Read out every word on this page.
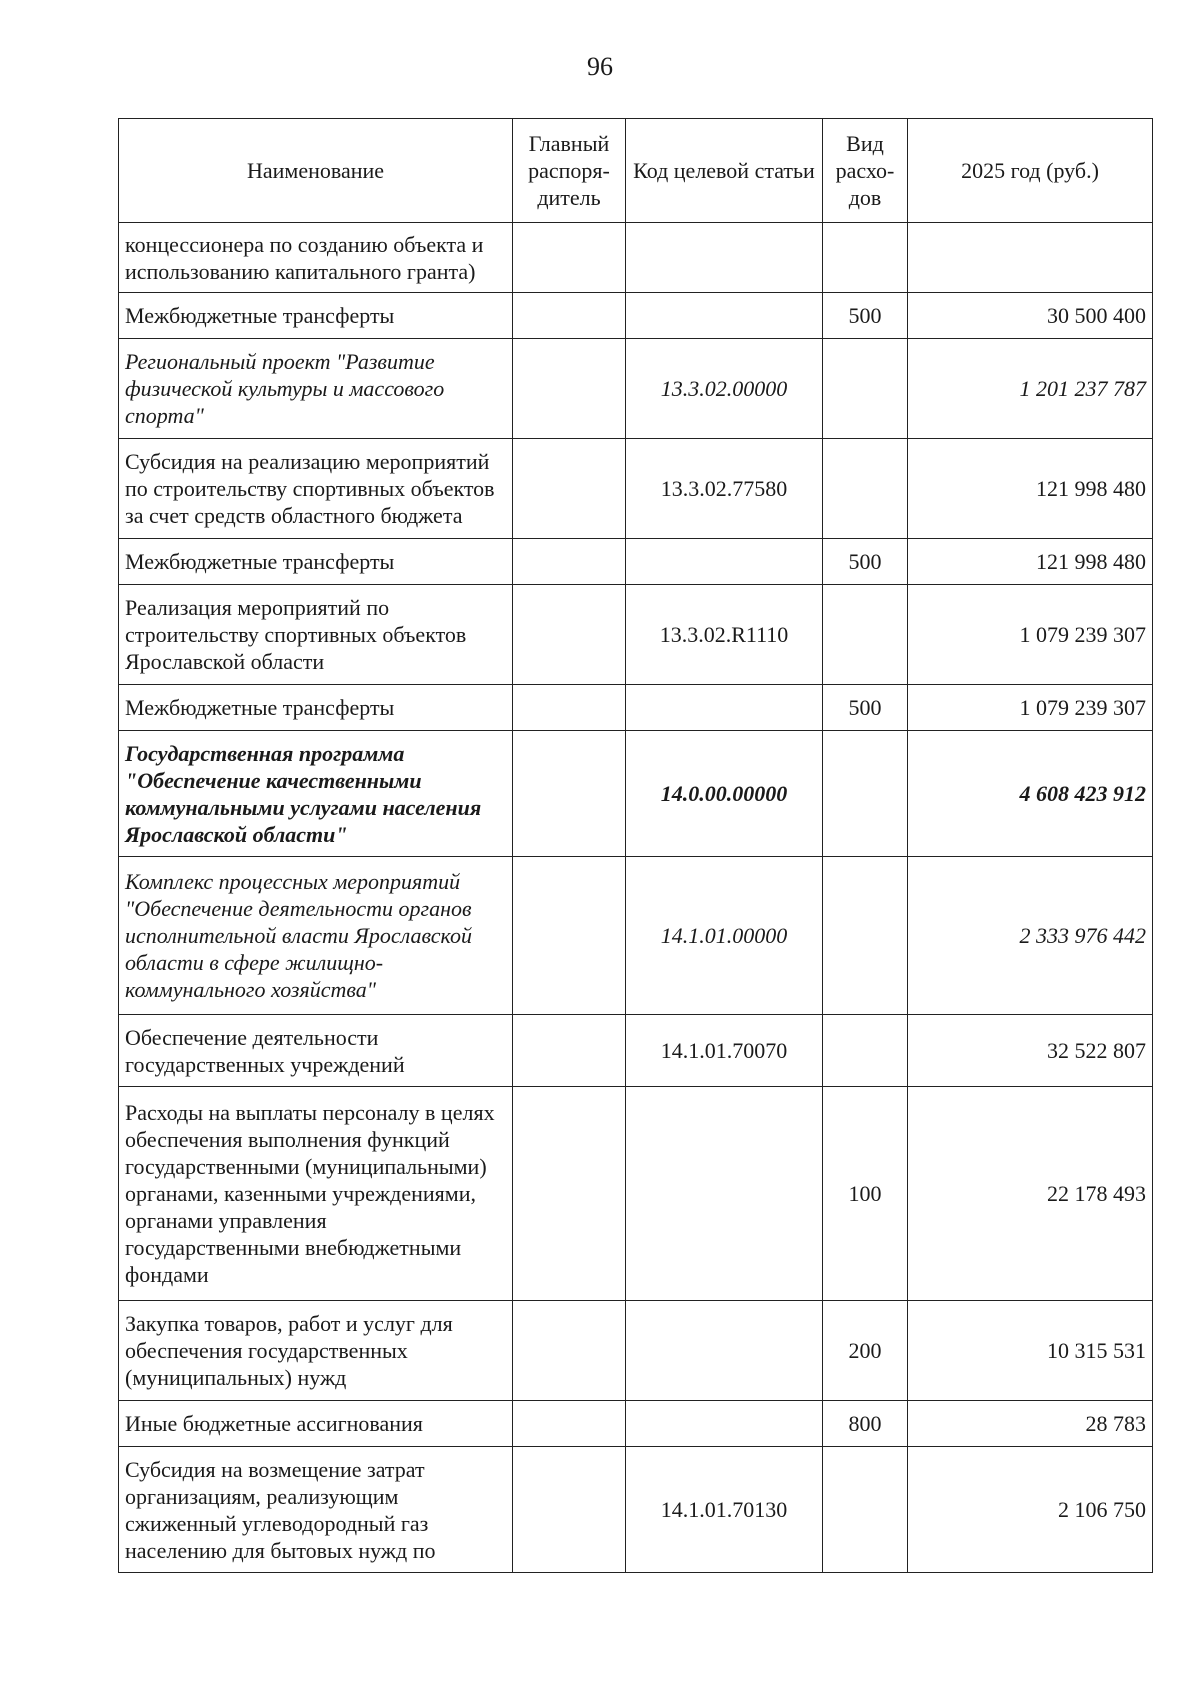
96
Наименование	Главный распоря-дитель	Код целевой статьи	Вид расхо-дов	2025 год (руб.)
концессионера по созданию объекта и использованию капитального гранта)				
Межбюджетные трансферты			500	30 500 400
Региональный проект "Развитие физической культуры и массового спорта"		13.3.02.00000		1 201 237 787
Субсидия на реализацию мероприятий по строительству спортивных объектов за счет средств областного бюджета		13.3.02.77580		121 998 480
Межбюджетные трансферты			500	121 998 480
Реализация мероприятий по строительству спортивных объектов Ярославской области		13.3.02.R1110		1 079 239 307
Межбюджетные трансферты			500	1 079 239 307
Государственная программа "Обеспечение качественными коммунальными услугами населения Ярославской области"		14.0.00.00000		4 608 423 912
Комплекс процессных мероприятий "Обеспечение деятельности органов исполнительной власти Ярославской области в сфере жилищно-коммунального хозяйства"		14.1.01.00000		2 333 976 442
Обеспечение деятельности государственных учреждений		14.1.01.70070		32 522 807
Расходы на выплаты персоналу в целях обеспечения выполнения функций государственными (муниципальными) органами, казенными учреждениями, органами управления государственными внебюджетными фондами			100	22 178 493
Закупка товаров, работ и услуг для обеспечения государственных (муниципальных) нужд			200	10 315 531
Иные бюджетные ассигнования			800	28 783
Субсидия на возмещение затрат организациям, реализующим сжиженный углеводородный газ населению для бытовых нужд по		14.1.01.70130		2 106 750
